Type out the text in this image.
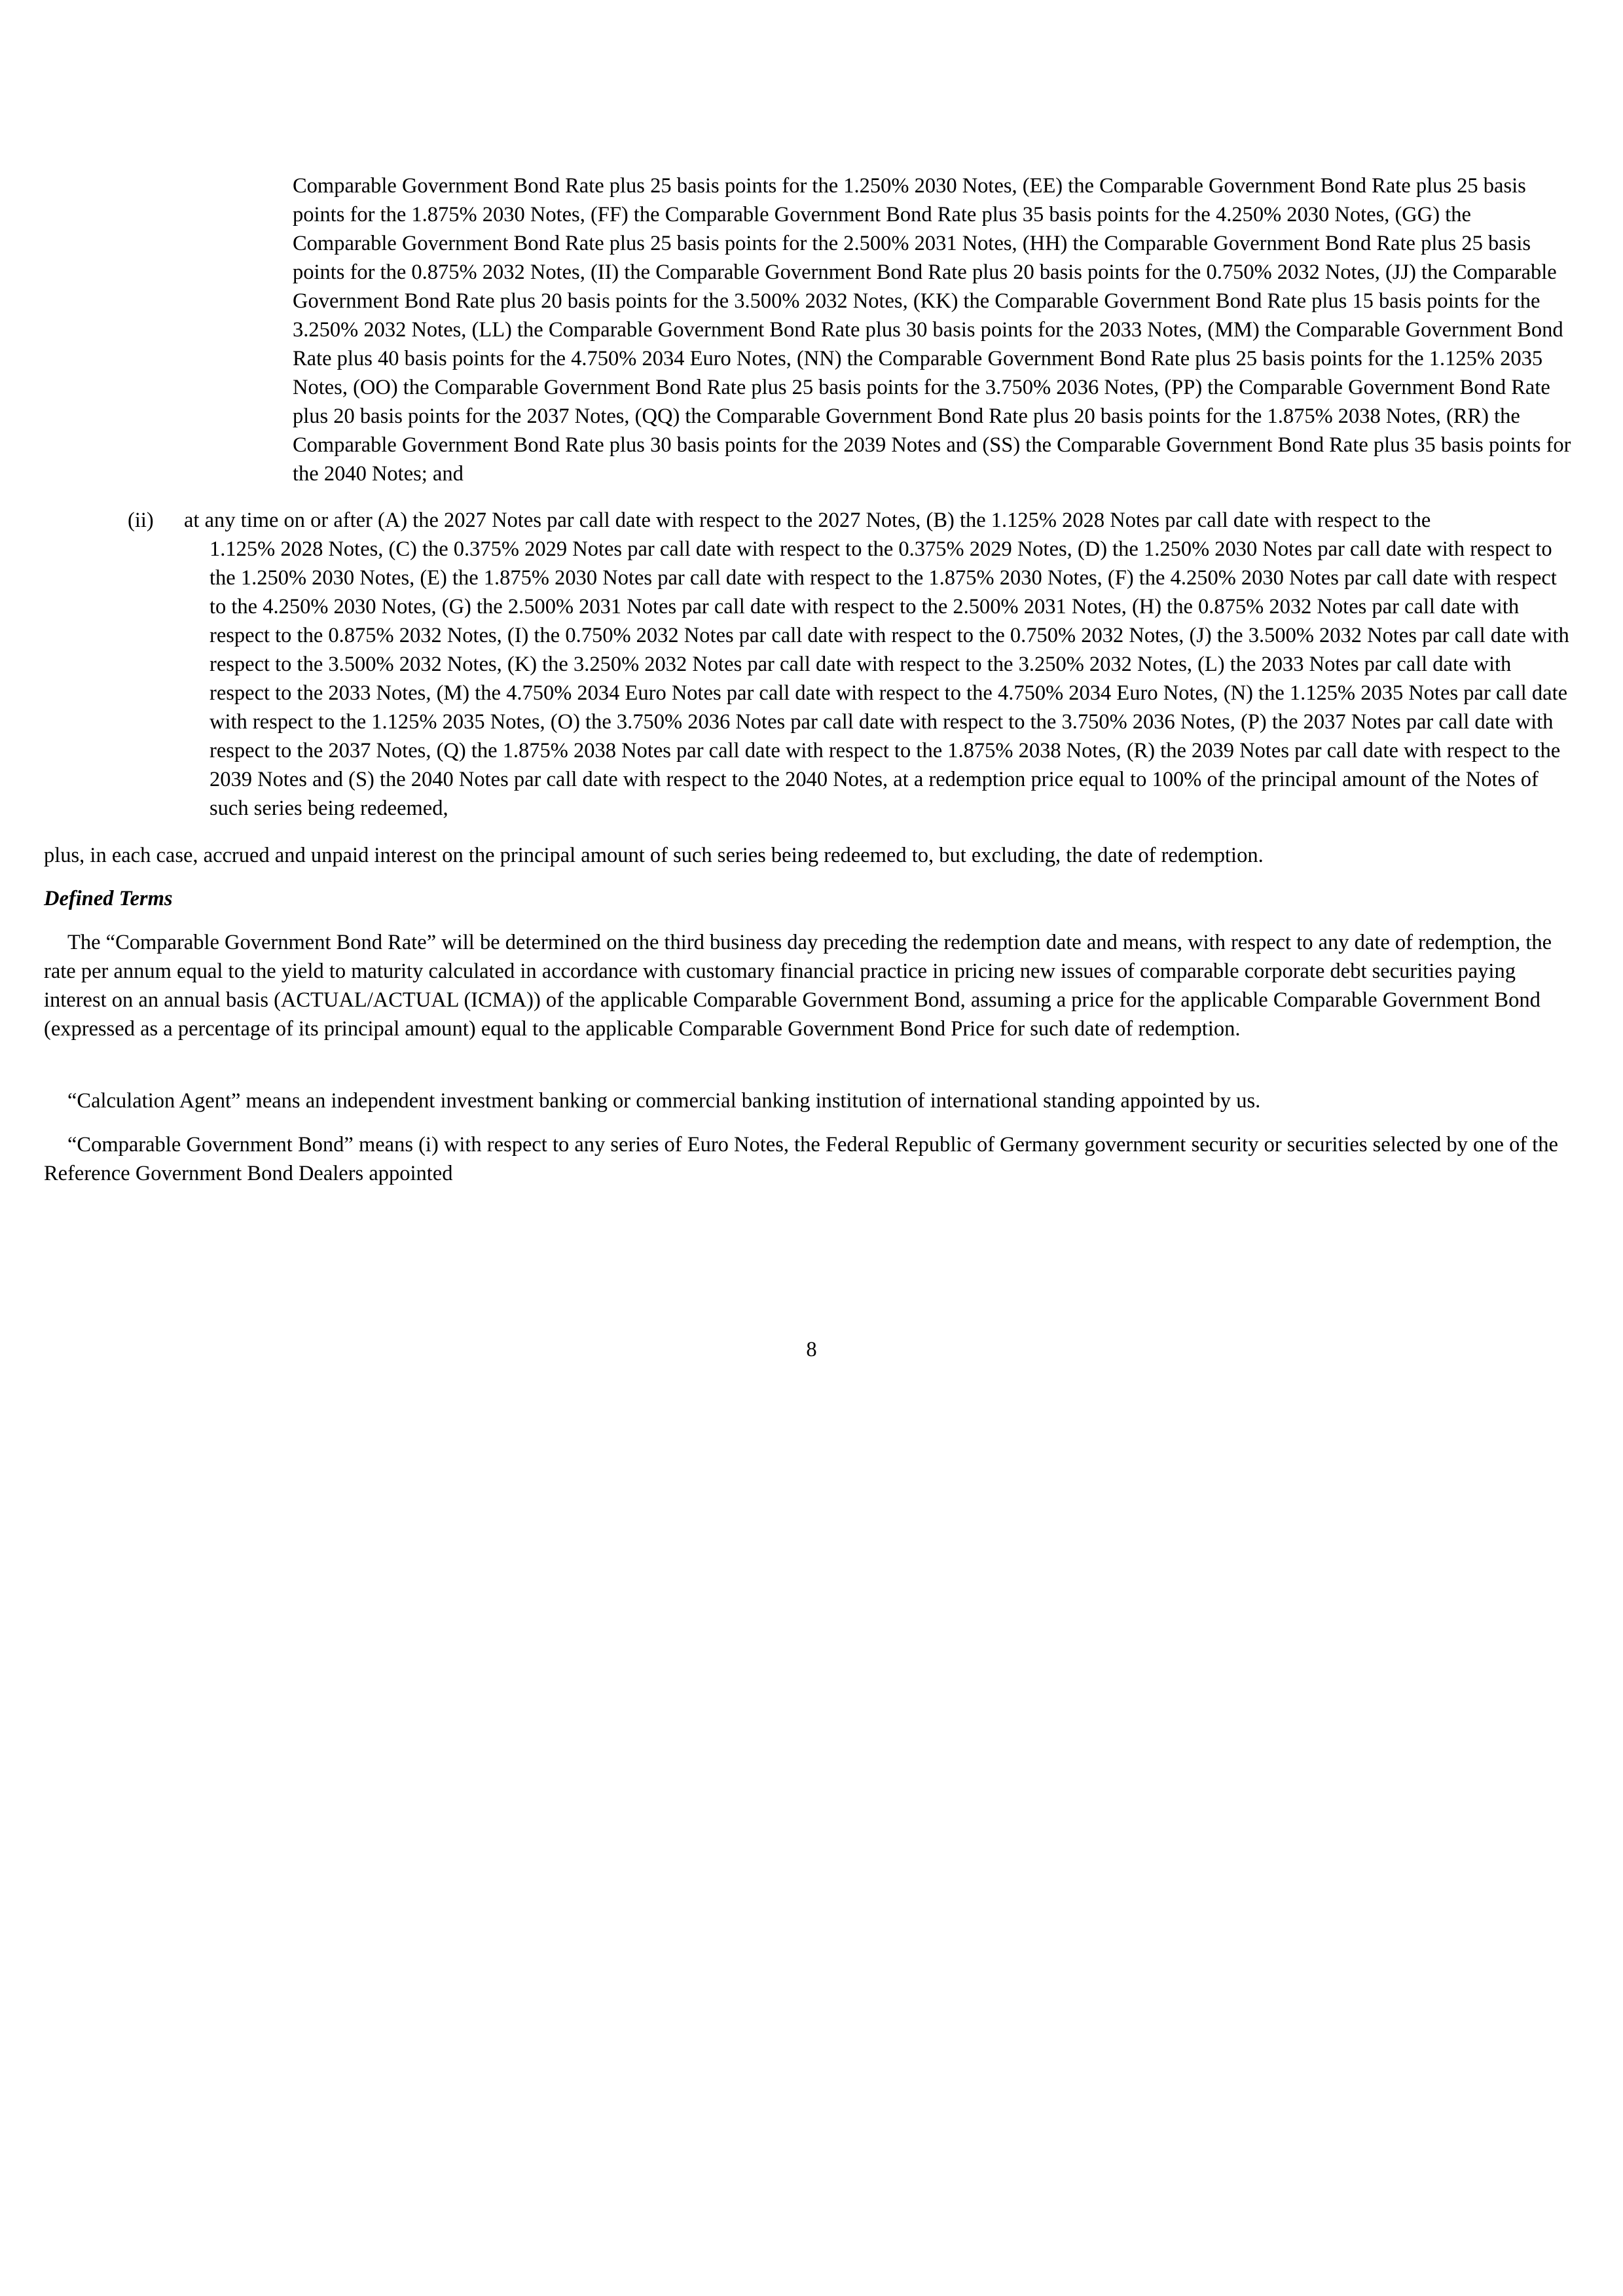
Comparable Government Bond Rate plus 25 basis points for the 1.250% 2030 Notes, (EE) the Comparable Government Bond Rate plus 25 basis points for the 1.875% 2030 Notes, (FF) the Comparable Government Bond Rate plus 35 basis points for the 4.250% 2030 Notes, (GG) the Comparable Government Bond Rate plus 25 basis points for the 2.500% 2031 Notes, (HH) the Comparable Government Bond Rate plus 25 basis points for the 0.875% 2032 Notes, (II) the Comparable Government Bond Rate plus 20 basis points for the 0.750% 2032 Notes, (JJ) the Comparable Government Bond Rate plus 20 basis points for the 3.500% 2032 Notes, (KK) the Comparable Government Bond Rate plus 15 basis points for the 3.250% 2032 Notes, (LL) the Comparable Government Bond Rate plus 30 basis points for the 2033 Notes, (MM) the Comparable Government Bond Rate plus 40 basis points for the 4.750% 2034 Euro Notes, (NN) the Comparable Government Bond Rate plus 25 basis points for the 1.125% 2035 Notes, (OO) the Comparable Government Bond Rate plus 25 basis points for the 3.750% 2036 Notes, (PP) the Comparable Government Bond Rate plus 20 basis points for the 2037 Notes, (QQ) the Comparable Government Bond Rate plus 20 basis points for the 1.875% 2038 Notes, (RR) the Comparable Government Bond Rate plus 30 basis points for the 2039 Notes and (SS) the Comparable Government Bond Rate plus 35 basis points for the 2040 Notes; and

(ii)	at any time on or after (A) the 2027 Notes par call date with respect to the 2027 Notes, (B) the 1.125% 2028 Notes par call date with respect to the

1.125% 2028 Notes, (C) the 0.375% 2029 Notes par call date with respect to the 0.375% 2029 Notes, (D) the 1.250% 2030 Notes par call date with respect to the 1.250% 2030 Notes, (E) the 1.875% 2030 Notes par call date with respect to the 1.875% 2030 Notes, (F) the 4.250% 2030 Notes par call date with respect to the 4.250% 2030 Notes, (G) the 2.500% 2031 Notes par call date with respect to the 2.500% 2031 Notes, (H) the 0.875% 2032 Notes par call date with respect to the 0.875% 2032 Notes, (I) the 0.750% 2032 Notes par call date with respect to the 0.750% 2032 Notes, (J) the 3.500% 2032 Notes par call date with respect to the 3.500% 2032 Notes, (K) the 3.250% 2032 Notes par call date with respect to the 3.250% 2032 Notes, (L) the 2033 Notes par call date with respect to the 2033 Notes, (M) the 4.750% 2034 Euro Notes par call date with respect to the 4.750% 2034 Euro Notes, (N) the 1.125% 2035 Notes par call date with respect to the 1.125% 2035 Notes, (O) the 3.750% 2036 Notes par call date with respect to the 3.750% 2036 Notes, (P) the 2037 Notes par call date with respect to the 2037 Notes, (Q) the 1.875% 2038 Notes par call date with respect to the 1.875% 2038 Notes, (R) the 2039 Notes par call date with respect to the 2039 Notes and (S) the 2040 Notes par call date with respect to the 2040 Notes, at a redemption price equal to 100% of the principal amount of the Notes of such series being redeemed,

plus, in each case, accrued and unpaid interest on the principal amount of such series being redeemed to, but excluding, the date of redemption.

Defined Terms

The “Comparable Government Bond Rate” will be determined on the third business day preceding the redemption date and means, with respect to any date of redemption, the rate per annum equal to the yield to maturity calculated in accordance with customary financial practice in pricing new issues of comparable corporate debt securities paying interest on an annual basis (ACTUAL/ACTUAL (ICMA)) of the applicable Comparable Government Bond, assuming a price for the applicable Comparable Government Bond (expressed as a percentage of its principal amount) equal to the applicable Comparable Government Bond Price for such date of redemption.

“Calculation Agent” means an independent investment banking or commercial banking institution of international standing appointed by us.

“Comparable Government Bond” means (i) with respect to any series of Euro Notes, the Federal Republic of Germany government security or securities selected by one of the Reference Government Bond Dealers appointed

8
